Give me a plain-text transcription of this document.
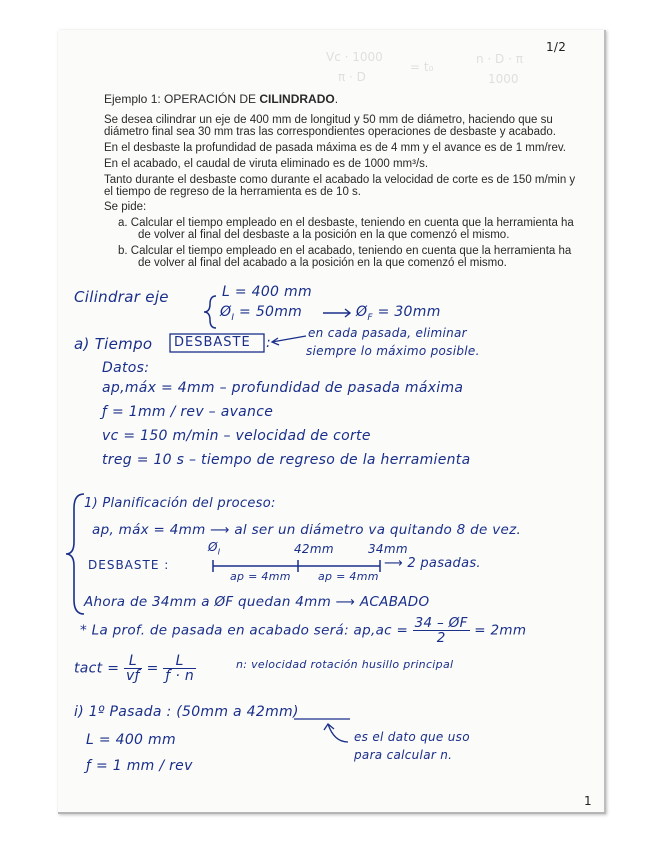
Vc · 1000
= t₀
n · D · π
1000
π · D
1/2
1
Ejemplo 1: OPERACIÓN DE CILINDRADO.
Se desea cilindrar un eje de 400 mm de longitud y 50 mm de diámetro, haciendo que su
diámetro final sea 30 mm tras las correspondientes operaciones de desbaste y acabado.
En el desbaste la profundidad de pasada máxima es de 4 mm y el avance es de 1 mm/rev.
En el acabado, el caudal de viruta eliminado es de 1000 mm³/s.
Tanto durante el desbaste como durante el acabado la velocidad de corte es de 150 m/min y
el tiempo de regreso de la herramienta es de 10 s.
Se pide:
a. Calcular el tiempo empleado en el desbaste, teniendo en cuenta que la herramienta ha
de volver al final del desbaste a la posición en la que comenzó el mismo.
b. Calcular el tiempo empleado en el acabado, teniendo en cuenta que la herramienta ha
de volver al final del acabado a la posición en la que comenzó el mismo.
Cilindrar eje	L = 400 mm
$Ø_I = 50mm$	$Ø_F = 30mm$
a) Tiempo DESBASTE :
en cada pasada, eliminar
siempre lo máximo posible.
Datos:
ap,máx = 4mm – profundidad de pasada máxima
ƒ = 1mm / rev – avance
vc = 150 m/min – velocidad de corte
treg = 10 s – tiempo de regreso de la herramienta
1) Planificación del proceso:
ap, máx = 4mm ⟶ al ser un diámetro va quitando 8 de vez.
DESBASTE :
$Ø_I$	42mm	34mm
ap = 4mm ap = 4mm
⟶ 2 pasadas.
Ahora de 34mm a ØF quedan 4mm ⟶ ACABADO
* La prof. de pasada en acabado será: $ap,ac = \frac{34 - ØF}{2} = 2mm$
tact = $\frac{L}{vƒ} = \frac{L}{ƒ \cdot n}$	n: velocidad rotación husillo principal
i) 1º Pasada : (50mm a 42mm)
L = 400 mm
ƒ = 1 mm / rev
es el dato que uso
para calcular n.
